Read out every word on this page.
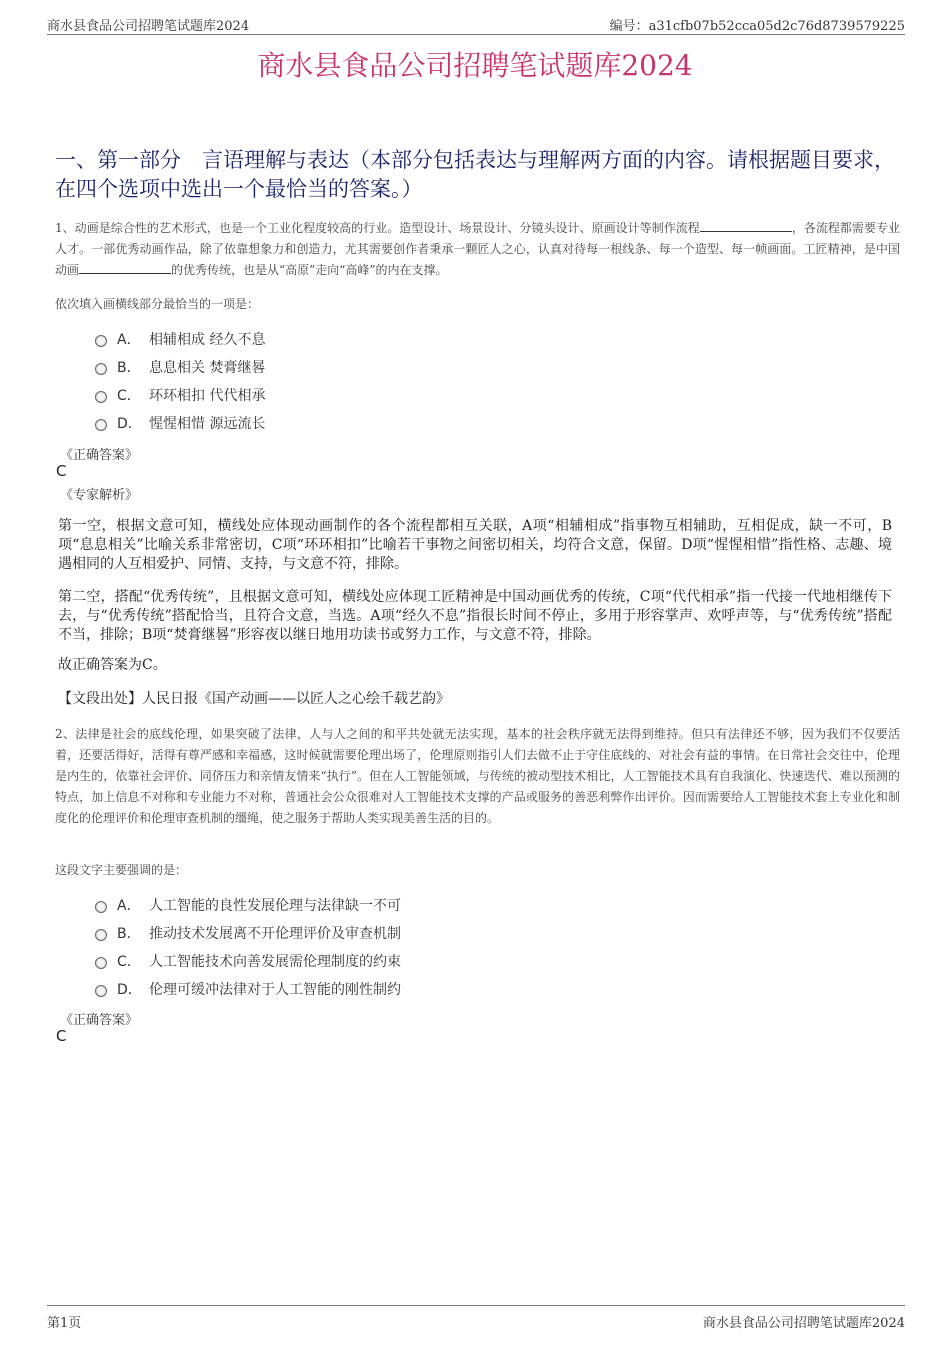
商水县食品公司招聘笔试题库2024	编号：a31cfb07b52cca05d2c76d8739579225
商水县食品公司招聘笔试题库2024
一、第一部分　言语理解与表达（本部分包括表达与理解两方面的内容。请根据题目要求，在四个选项中选出一个最恰当的答案。）
1、动画是综合性的艺术形式，也是一个工业化程度较高的行业。造型设计、场景设计、分镜头设计、原画设计等制作流程	，各流程都需要专业人才。一部优秀动画作品，除了依靠想象力和创造力，尤其需要创作者秉承一颗匠人之心，认真对待每一根线条、每一个造型、每一帧画面。工匠精神，是中国动画	的优秀传统，也是从“高原”走向“高峰”的内在支撑。
依次填入画横线部分最恰当的一项是：
A． 相辅相成 经久不息
B． 息息相关 焚膏继晷
C． 环环相扣 代代相承
D． 惺惺相惜 源远流长
《正确答案》
C
《专家解析》
第一空，根据文意可知，横线处应体现动画制作的各个流程都相互关联，A项“相辅相成”指事物互相辅助，互相促成，缺一不可，B项“息息相关”比喻关系非常密切，C项“环环相扣”比喻若干事物之间密切相关，均符合文意，保留。D项“惺惺相惜”指性格、志趣、境遇相同的人互相爱护、同情、支持，与文意不符，排除。
第二空，搭配“优秀传统”，且根据文意可知，横线处应体现工匠精神是中国动画优秀的传统，C项“代代相承”指一代接一代地相继传下去，与“优秀传统”搭配恰当，且符合文意，当选。A项“经久不息”指很长时间不停止，多用于形容掌声、欢呼声等，与“优秀传统”搭配不当，排除；B项“焚膏继晷”形容夜以继日地用功读书或努力工作，与文意不符，排除。
故正确答案为C。
【文段出处】人民日报《国产动画——以匠人之心绘千载艺韵》
2、法律是社会的底线伦理，如果突破了法律，人与人之间的和平共处就无法实现，基本的社会秩序就无法得到维持。但只有法律还不够，因为我们不仅要活着，还要活得好，活得有尊严感和幸福感，这时候就需要伦理出场了，伦理原则指引人们去做不止于守住底线的、对社会有益的事情。在日常社会交往中，伦理是内生的，依靠社会评价、同侪压力和亲情友情来“执行”。但在人工智能领域，与传统的被动型技术相比，人工智能技术具有自我演化、快速迭代、难以预测的特点，加上信息不对称和专业能力不对称，普通社会公众很难对人工智能技术支撑的产品或服务的善恶利弊作出评价。因而需要给人工智能技术套上专业化和制度化的伦理评价和伦理审查机制的缰绳，使之服务于帮助人类实现美善生活的目的。
这段文字主要强调的是：
A． 人工智能的良性发展伦理与法律缺一不可
B． 推动技术发展离不开伦理评价及审查机制
C． 人工智能技术向善发展需伦理制度的约束
D． 伦理可缓冲法律对于人工智能的刚性制约
《正确答案》
C
第1页	商水县食品公司招聘笔试题库2024
